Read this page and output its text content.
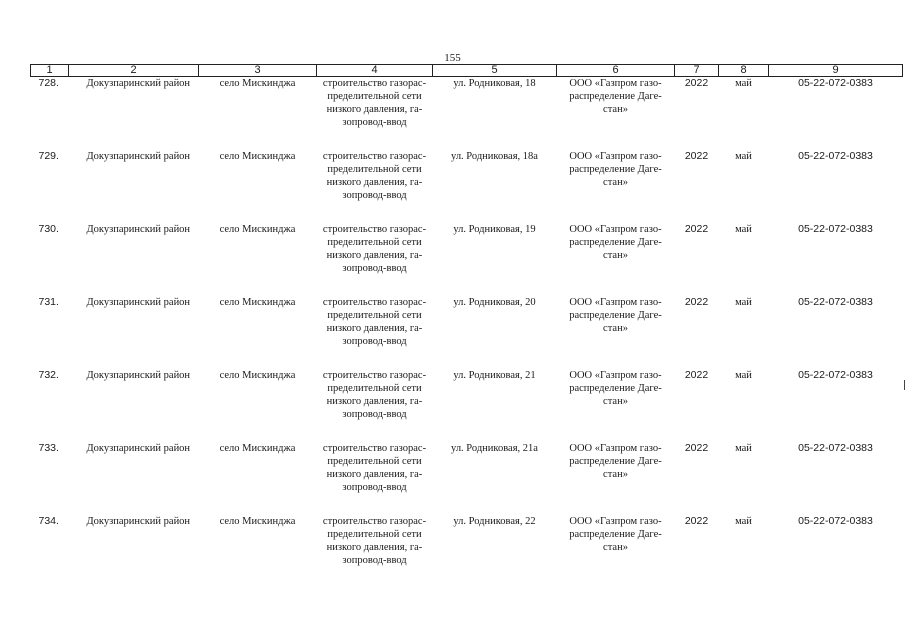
155
1	2	3	4	5	6	7	8	9
728.	Докузпаринский район	село Мискинджа	строительство газорас-пределительной сети низкого давления, га-зопровод-ввод	ул. Родниковая, 18	ООО «Газпром газо-распределение Даге-стан»	2022	май	05-22-072-0383
729.	Докузпаринский район	село Мискинджа	строительство газорас-пределительной сети низкого давления, га-зопровод-ввод	ул. Родниковая, 18а	ООО «Газпром газо-распределение Даге-стан»	2022	май	05-22-072-0383
730.	Докузпаринский район	село Мискинджа	строительство газорас-пределительной сети низкого давления, га-зопровод-ввод	ул. Родниковая, 19	ООО «Газпром газо-распределение Даге-стан»	2022	май	05-22-072-0383
731.	Докузпаринский район	село Мискинджа	строительство газорас-пределительной сети низкого давления, га-зопровод-ввод	ул. Родниковая, 20	ООО «Газпром газо-распределение Даге-стан»	2022	май	05-22-072-0383
732.	Докузпаринский район	село Мискинджа	строительство газорас-пределительной сети низкого давления, га-зопровод-ввод	ул. Родниковая, 21	ООО «Газпром газо-распределение Даге-стан»	2022	май	05-22-072-0383
733.	Докузпаринский район	село Мискинджа	строительство газорас-пределительной сети низкого давления, га-зопровод-ввод	ул. Родниковая, 21а	ООО «Газпром газо-распределение Даге-стан»	2022	май	05-22-072-0383
734.	Докузпаринский район	село Мискинджа	строительство газорас-пределительной сети низкого давления, га-зопровод-ввод	ул. Родниковая, 22	ООО «Газпром газо-распределение Даге-стан»	2022	май	05-22-072-0383
